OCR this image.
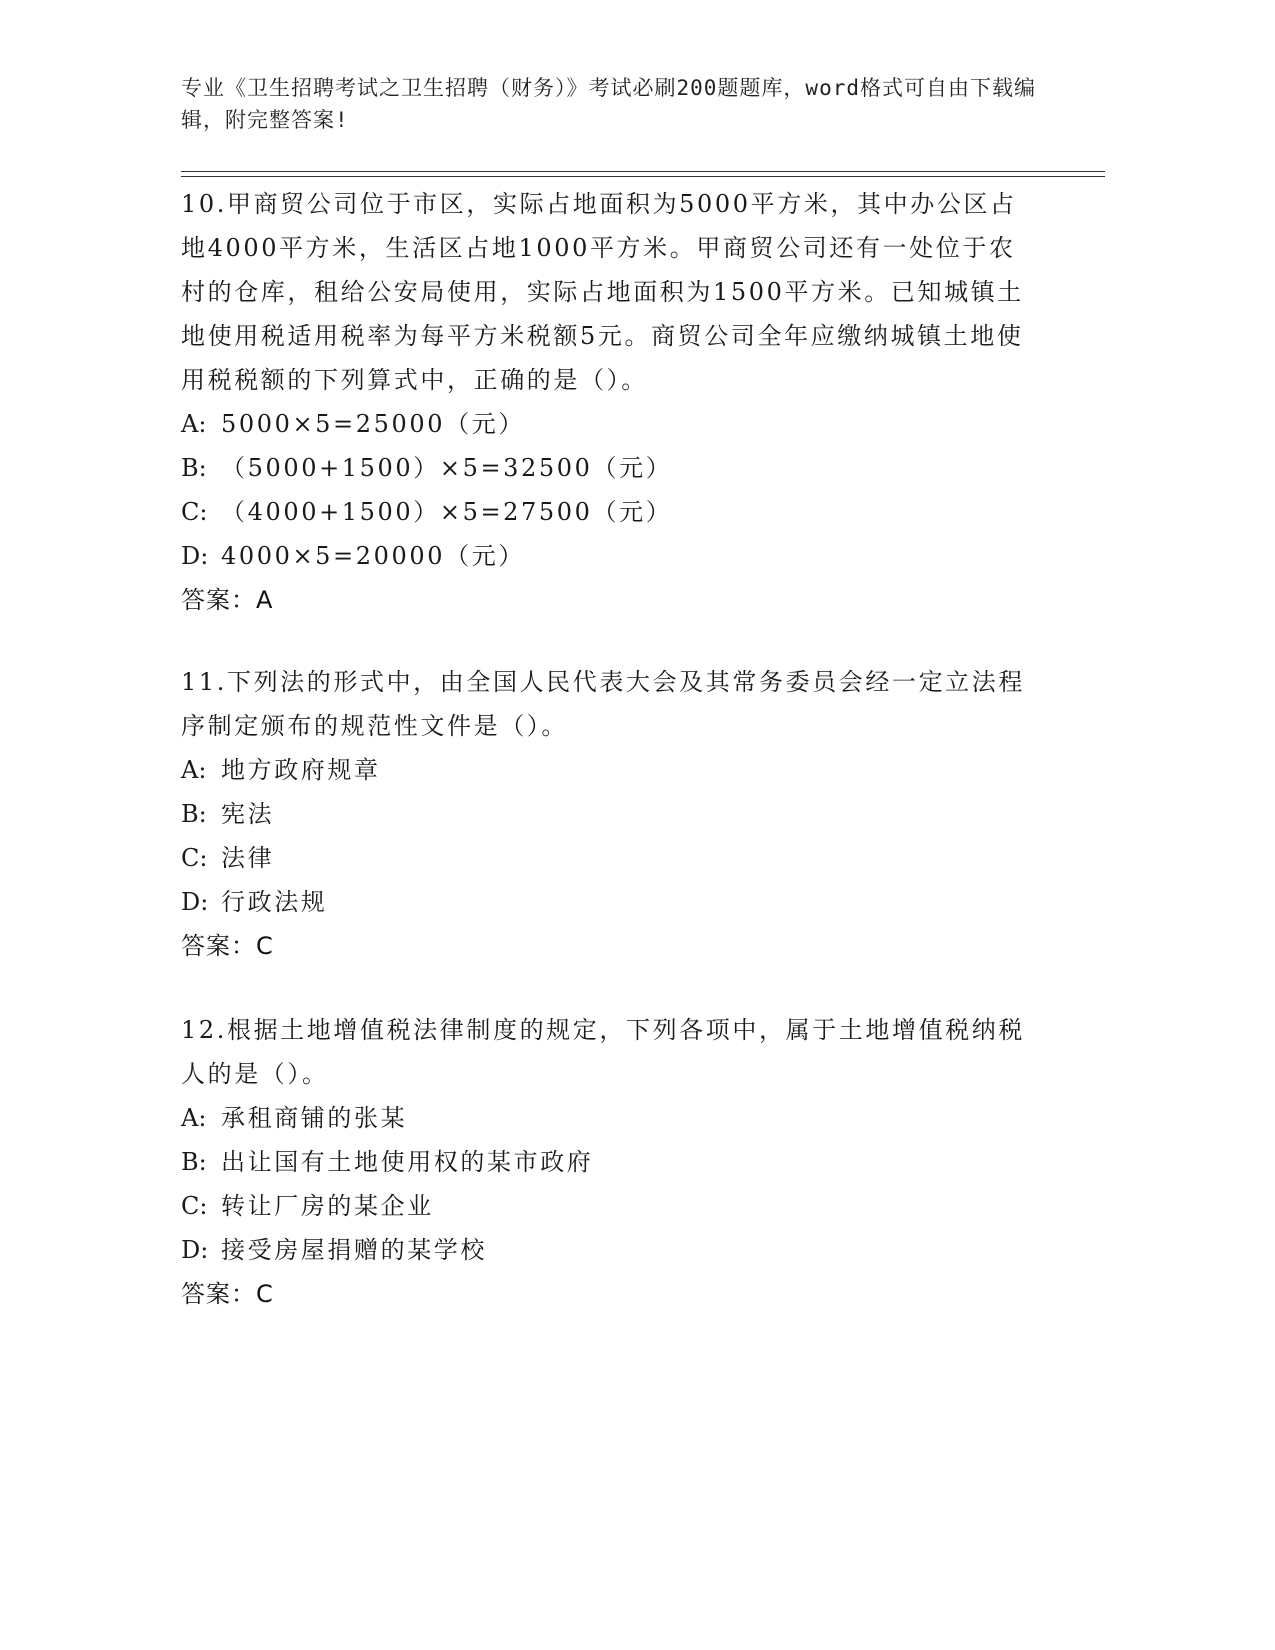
专业《卫生招聘考试之卫生招聘（财务）》考试必刷200题题库，word格式可自由下载编辑，附完整答案!

10.甲商贸公司位于市区，实际占地面积为5000平方米，其中办公区占地4000平方米，生活区占地1000平方米。甲商贸公司还有一处位于农村的仓库，租给公安局使用，实际占地面积为1500平方米。已知城镇土地使用税适用税率为每平方米税额5元。商贸公司全年应缴纳城镇土地使用税税额的下列算式中，正确的是（）。

A: 5000×5=25000（元）

B: （5000+1500）×5=32500（元）

C: （4000+1500）×5=27500（元）

D: 4000×5=20000（元）

答案：A

11.下列法的形式中，由全国人民代表大会及其常务委员会经一定立法程序制定颁布的规范性文件是（）。

A: 地方政府规章

B: 宪法

C: 法律

D: 行政法规

答案：C

12.根据土地增值税法律制度的规定，下列各项中，属于土地增值税纳税人的是（）。

A: 承租商铺的张某

B: 出让国有土地使用权的某市政府

C: 转让厂房的某企业

D: 接受房屋捐赠的某学校

答案：C
